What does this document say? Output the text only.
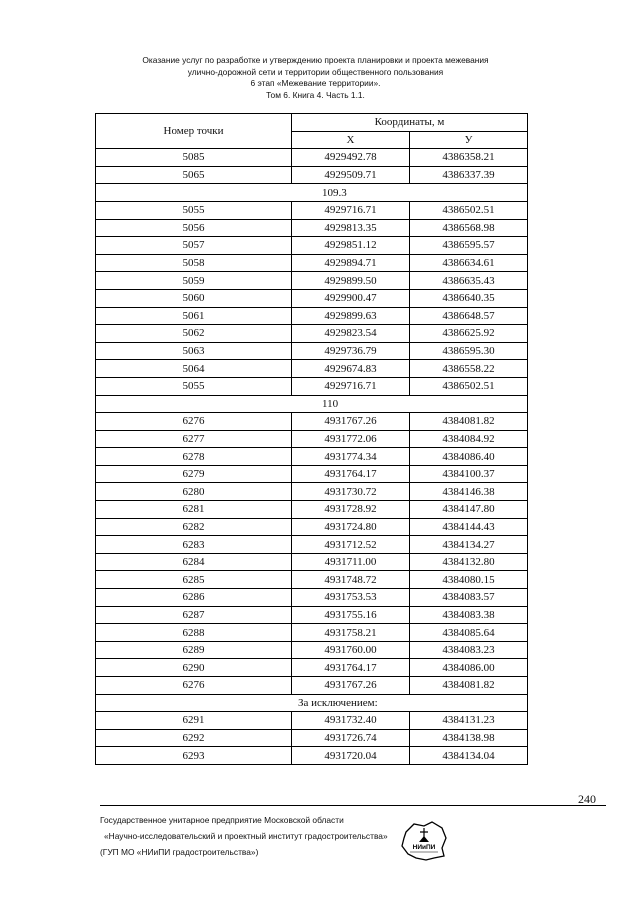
Оказание услуг по разработке и утверждению проекта планировки и проекта межевания
улично-дорожной сети и территории общественного пользования
6 этап «Межевание территории».
Том 6. Книга 4. Часть 1.1.
Номер точки	Координаты, м	
	X	У
5085	4929492.78	4386358.21
5065	4929509.71	4386337.39
109.3		
5055	4929716.71	4386502.51
5056	4929813.35	4386568.98
5057	4929851.12	4386595.57
5058	4929894.71	4386634.61
5059	4929899.50	4386635.43
5060	4929900.47	4386640.35
5061	4929899.63	4386648.57
5062	4929823.54	4386625.92
5063	4929736.79	4386595.30
5064	4929674.83	4386558.22
5055	4929716.71	4386502.51
110		
6276	4931767.26	4384081.82
6277	4931772.06	4384084.92
6278	4931774.34	4384086.40
6279	4931764.17	4384100.37
6280	4931730.72	4384146.38
6281	4931728.92	4384147.80
6282	4931724.80	4384144.43
6283	4931712.52	4384134.27
6284	4931711.00	4384132.80
6285	4931748.72	4384080.15
6286	4931753.53	4384083.57
6287	4931755.16	4384083.38
6288	4931758.21	4384085.64
6289	4931760.00	4384083.23
6290	4931764.17	4384086.00
6276	4931767.26	4384081.82
За исключением:		
6291	4931732.40	4384131.23
6292	4931726.74	4384138.98
6293	4931720.04	4384134.04
240
Государственное унитарное предприятие Московской области
«Научно-исследовательский и проектный институт градостроительства»
(ГУП МО «НИиПИ градостроительства»)	НИиПИ
